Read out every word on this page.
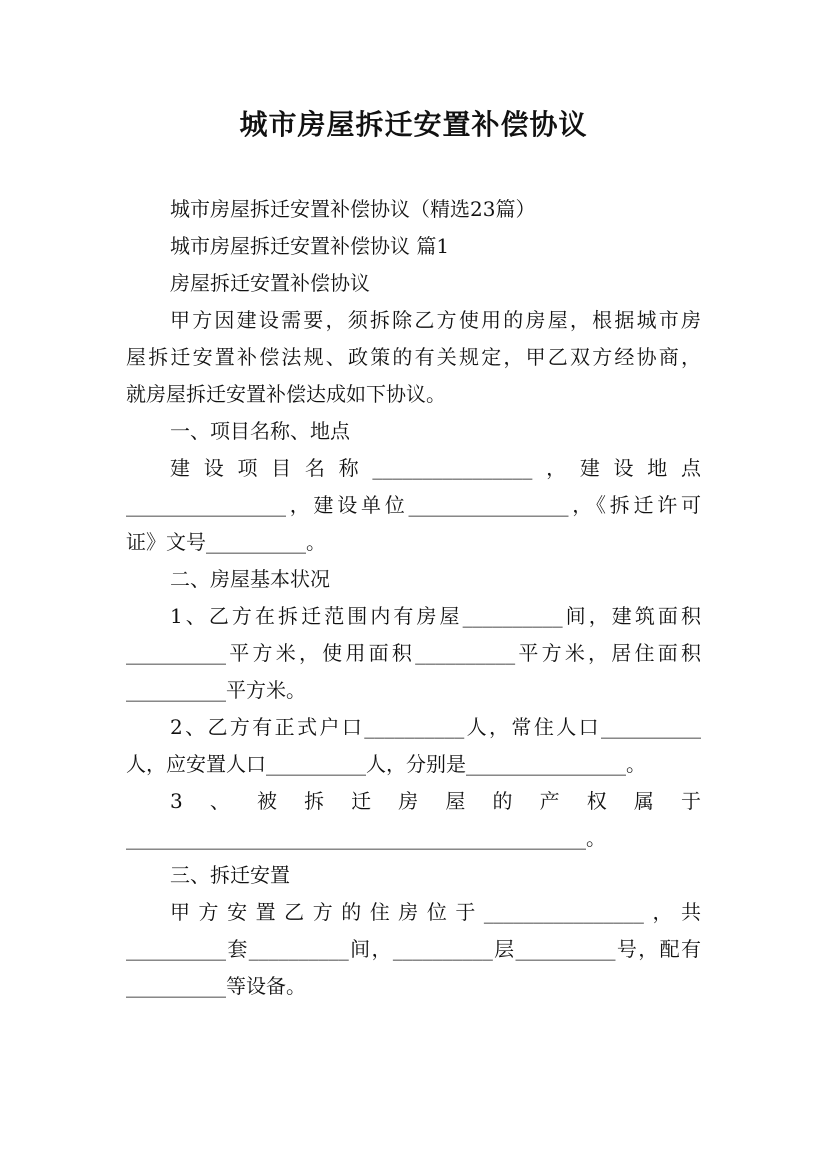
城市房屋拆迁安置补偿协议
城市房屋拆迁安置补偿协议（精选23篇）
城市房屋拆迁安置补偿协议 篇1
房屋拆迁安置补偿协议
甲方因建设需要，须拆除乙方使用的房屋，根据城市房
屋拆迁安置补偿法规、政策的有关规定，甲乙双方经协商，
就房屋拆迁安置补偿达成如下协议。
一、项目名称、地点
建设项目名称________________，建设地点
________________，建设单位________________，《拆迁许可
证》文号__________。
二、房屋基本状况
1、乙方在拆迁范围内有房屋__________间，建筑面积
__________平方米，使用面积__________平方米，居住面积
__________平方米。
2、乙方有正式户口__________人，常住人口__________
人，应安置人口__________人，分别是________________。
3、被拆迁房屋的产权属于
______________________________________________。
三、拆迁安置
甲方安置乙方的住房位于________________，共
__________套__________间，__________层__________号，配有
__________等设备。
